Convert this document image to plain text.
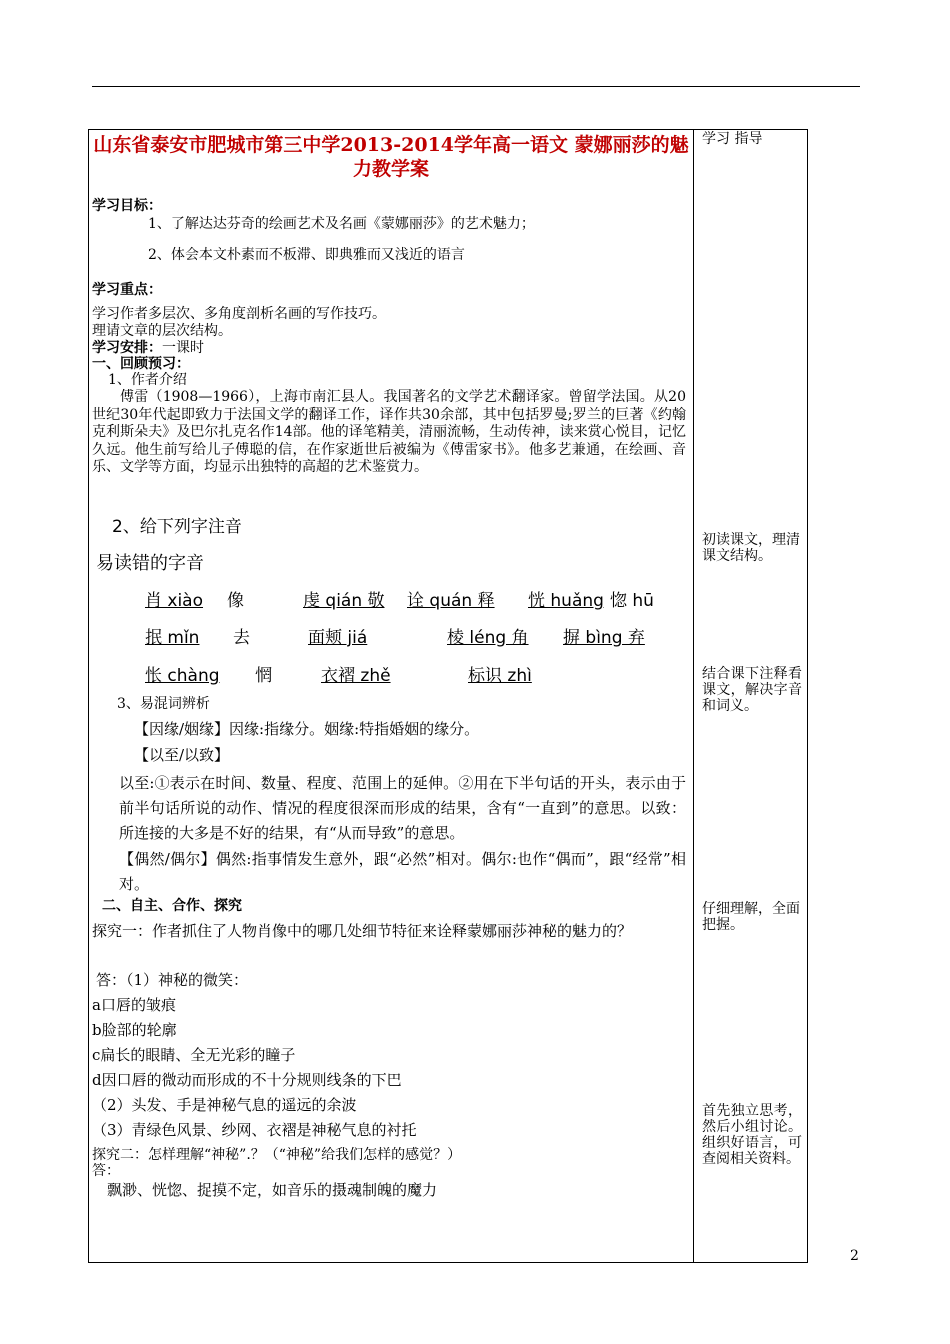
山东省泰安市肥城市第三中学2013-2014学年高一语文 蒙娜丽莎的魅力教学案
学习 指导
学习目标：
1、了解达达芬奇的绘画艺术及名画《蒙娜丽莎》的艺术魅力；
2、体会本文朴素而不板滞、即典雅而又浅近的语言
学习重点：
学习作者多层次、多角度剖析名画的写作技巧。
理请文章的层次结构。
学习安排：一课时
一、回顾预习：
1、作者介绍
傅雷（1908—1966），上海市南汇县人。我国著名的文学艺术翻译家。曾留学法国。从20世纪30年代起即致力于法国文学的翻译工作，译作共30余部，其中包括罗曼;罗兰的巨著《约翰 克利斯朵夫》及巴尔扎克名作14部。他的译笔精美，清丽流畅，生动传神，读来赏心悦目，记忆久远。他生前写给儿子傅聪的信，在作家逝世后被编为《傅雷家书》。他多艺兼通，在绘画、音乐、文学等方面，均显示出独特的高超的艺术鉴赏力。
2、给下列字注音
易读错的字音
肖 xiào 像	虔 qián 敬 诠 quán 释 恍 huǎng 惚 hū
抿 mǐn 去	面颊 jiá	棱 léng 角 摒 bìng 弃
怅 chàng 惘	衣褶 zhě	标识 zhì
3、易混词辨析
【因缘/姻缘】因缘:指缘分。姻缘:特指婚姻的缘分。
【以至/以致】
以至:①表示在时间、数量、程度、范围上的延伸。②用在下半句话的开头，表示由于前半句话所说的动作、情况的程度很深而形成的结果，含有“一直到”的意思。以致：所连接的大多是不好的结果，有“从而导致”的意思。
【偶然/偶尔】偶然:指事情发生意外，跟“必然”相对。偶尔:也作“偶而”，跟“经常”相对。
二、自主、合作、探究
探究一：作者抓住了人物肖像中的哪几处细节特征来诠释蒙娜丽莎神秘的魅力的？
答：（1）神秘的微笑：
a口唇的皱痕
b脸部的轮廓
c扁长的眼睛、全无光彩的瞳子
d因口唇的微动而形成的不十分规则线条的下巴
（2）头发、手是神秘气息的遥远的余波
（3）青绿色风景、纱网、衣褶是神秘气息的衬托
探究二：怎样理解“神秘”.？（“神秘”给我们怎样的感觉？）
答：
飘渺、恍惚、捉摸不定，如音乐的摄魂制魄的魔力
初读课文，理清课文结构。
结合课下注释看课文，解决字音和词义。
仔细理解，全面把握。
首先独立思考，然后小组讨论。组织好语言，可查阅相关资料。
2
